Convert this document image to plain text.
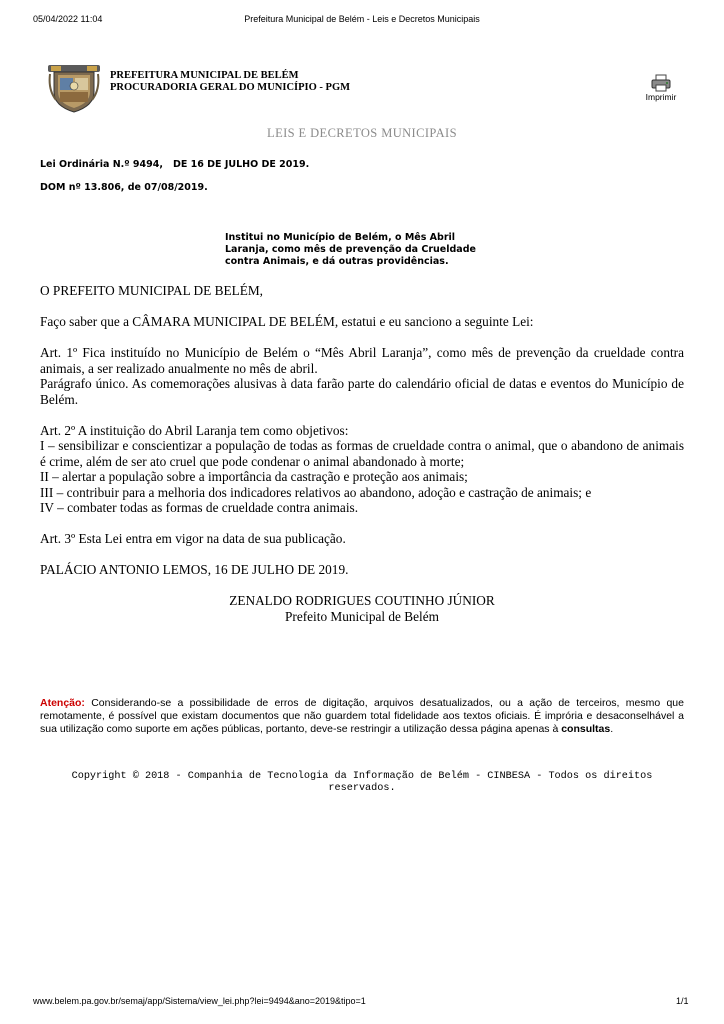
05/04/2022 11:04	Prefeitura Municipal de Belém - Leis e Decretos Municipais
PREFEITURA MUNICIPAL DE BELÉM
PROCURADORIA GERAL DO MUNICÍPIO - PGM
Imprimir
LEIS E DECRETOS MUNICIPAIS
Lei Ordinária N.º 9494, DE 16 DE JULHO DE 2019.
DOM nº 13.806, de 07/08/2019.
Institui no Município de Belém, o Mês Abril
Laranja, como mês de prevenção da Crueldade
contra Animais, e dá outras providências.

O PREFEITO MUNICIPAL DE BELÉM,

Faço saber que a CÂMARA MUNICIPAL DE BELÉM, estatui e eu sanciono a seguinte Lei:

Art. 1º Fica instituído no Município de Belém o “Mês Abril Laranja”, como mês de prevenção da crueldade contra animais, a ser realizado anualmente no mês de abril.

Parágrafo único. As comemorações alusivas à data farão parte do calendário oficial de datas e eventos do Município de Belém.

Art. 2º A instituição do Abril Laranja tem como objetivos:

I – sensibilizar e conscientizar a população de todas as formas de crueldade contra o animal, que o abandono de animais é crime, além de ser ato cruel que pode condenar o animal abandonado à morte;

II – alertar a população sobre a importância da castração e proteção aos animais;

III – contribuir para a melhoria dos indicadores relativos ao abandono, adoção e castração de animais; e

IV – combater todas as formas de crueldade contra animais.

Art. 3º Esta Lei entra em vigor na data de sua publicação.

PALÁCIO ANTONIO LEMOS, 16 DE JULHO DE 2019.

ZENALDO RODRIGUES COUTINHO JÚNIOR

Prefeito Municipal de Belém

Atenção: Considerando-se a possibilidade de erros de digitação, arquivos desatualizados, ou a ação de terceiros, mesmo que remotamente, é possível que existam documentos que não guardem total fidelidade aos textos oficiais. É imprória e desaconselhável a sua utilização como suporte em ações públicas, portanto, deve-se restringir a utilização dessa página apenas à consultas.
Copyright © 2018 - Companhia de Tecnologia da Informação de Belém - CINBESA - Todos os direitos
reservados.
www.belem.pa.gov.br/semaj/app/Sistema/view_lei.php?lei=9494&ano=2019&tipo=1	1/1
